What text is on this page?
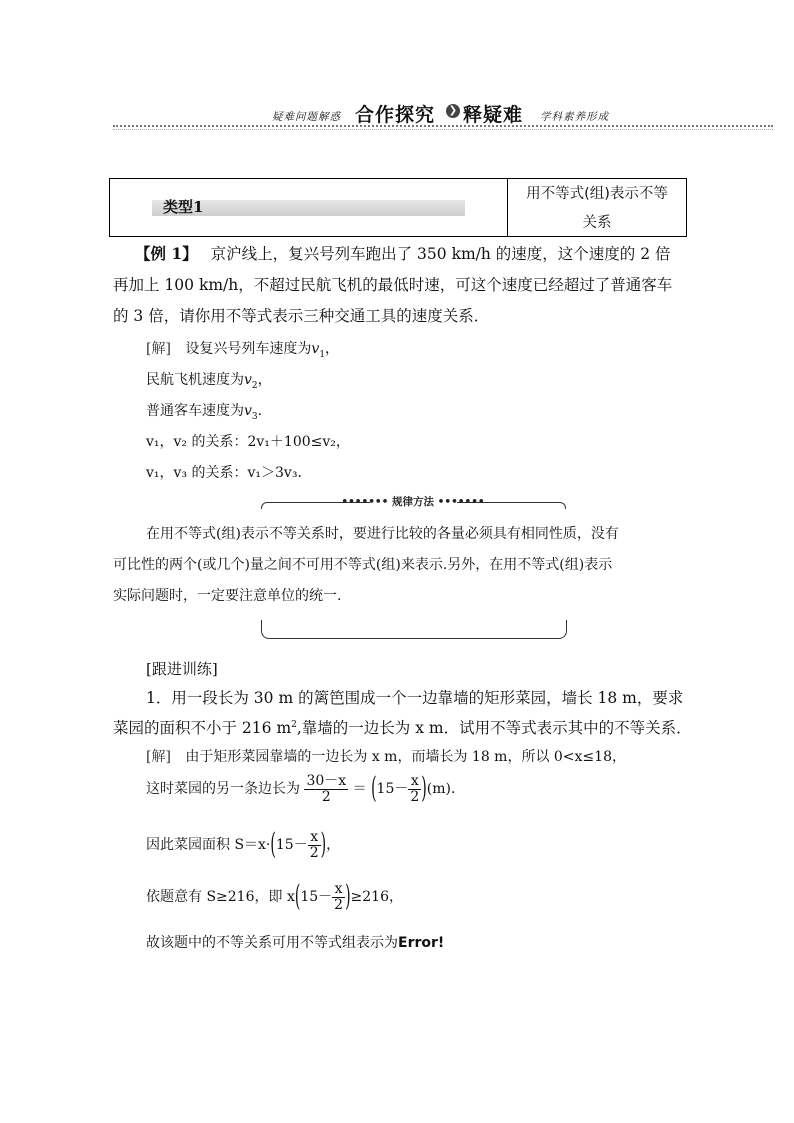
疑难问题解惑 合作探究 ❯ 释疑难 学科素养形成
类型1
用不等式(组)表示不等
关系
【例 1】 京沪线上，复兴号列车跑出了 350 km/h 的速度，这个速度的 2 倍
再加上 100 km/h，不超过民航飞机的最低时速，可这个速度已经超过了普通客车
的 3 倍，请你用不等式表示三种交通工具的速度关系．
[解] 设复兴号列车速度为$v_1$，
民航飞机速度为$v_2$，
普通客车速度为$v_3$.
v₁，v₂ 的关系：2v₁＋100≤v₂，
v₁，v₃ 的关系：v₁＞3v₃.
••••••• 规律方法 •••••••
在用不等式(组)表示不等关系时，要进行比较的各量必须具有相同性质，没有
可比性的两个(或几个)量之间不可用不等式(组)来表示.另外，在用不等式(组)表示
实际问题时，一定要注意单位的统一.
[跟进训练]
1．用一段长为 30 m 的篱笆围成一个一边靠墙的矩形菜园，墙长 18 m，要求
菜园的面积不小于 216 $m^2$,靠墙的一边长为 x m．试用不等式表示其中的不等关系．
[解] 由于矩形菜园靠墙的一边长为 x m，而墙长为 18 m，所以 0<x≤18，
这时菜园的另一条边长为 $\frac{30-x}{2} = (15- \frac{x}{2} )(m)$．
因此菜园面积 $S=x\cdot(15- \frac{x}{2}$ )，
依题意有 S≥216，即 $x(15- \frac{x}{2} )\ge 216$，
故该题中的不等关系可用不等式组表示为Error!
